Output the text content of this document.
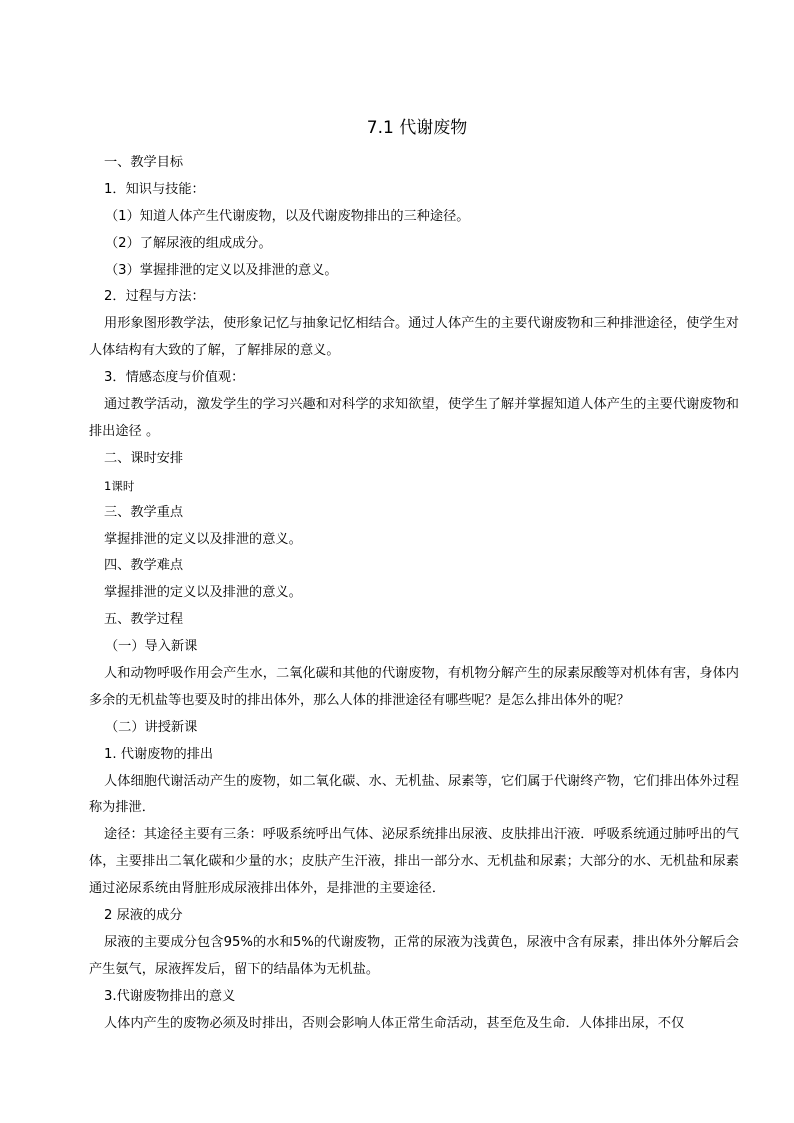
7.1 代谢废物
一、教学目标
1．知识与技能：
（1）知道人体产生代谢废物，以及代谢废物排出的三种途径。
（2）了解尿液的组成成分。
（3）掌握排泄的定义以及排泄的意义。
2．过程与方法：

用形象图形教学法，使形象记忆与抽象记忆相结合。通过人体产生的主要代谢废物和三种排泄途径，使学生对人体结构有大致的了解，了解排尿的意义。

3．情感态度与价值观：

通过教学活动，激发学生的学习兴趣和对科学的求知欲望，使学生了解并掌握知道人体产生的主要代谢废物和排出途径 。

二、课时安排
1课时
三、教学重点
掌握排泄的定义以及排泄的意义。
四、教学难点
掌握排泄的定义以及排泄的意义。
五、教学过程
（一）导入新课

人和动物呼吸作用会产生水，二氧化碳和其他的代谢废物，有机物分解产生的尿素尿酸等对机体有害，身体内多余的无机盐等也要及时的排出体外，那么人体的排泄途径有哪些呢？是怎么排出体外的呢？

（二）讲授新课
1. 代谢废物的排出

人体细胞代谢活动产生的废物，如二氧化碳、水、无机盐、尿素等，它们属于代谢终产物，它们排出体外过程称为排泄．

途径：其途径主要有三条：呼吸系统呼出气体、泌尿系统排出尿液、皮肤排出汗液．呼吸系统通过肺呼出的气体，主要排出二氧化碳和少量的水；皮肤产生汗液，排出一部分水、无机盐和尿素；大部分的水、无机盐和尿素通过泌尿系统由肾脏形成尿液排出体外，是排泄的主要途径．

2 尿液的成分

尿液的主要成分包含95%的水和5%的代谢废物，正常的尿液为浅黄色，尿液中含有尿素，排出体外分解后会产生氨气，尿液挥发后，留下的结晶体为无机盐。

3.代谢废物排出的意义

人体内产生的废物必须及时排出，否则会影响人体正常生命活动，甚至危及生命．人体排出尿，不仅
